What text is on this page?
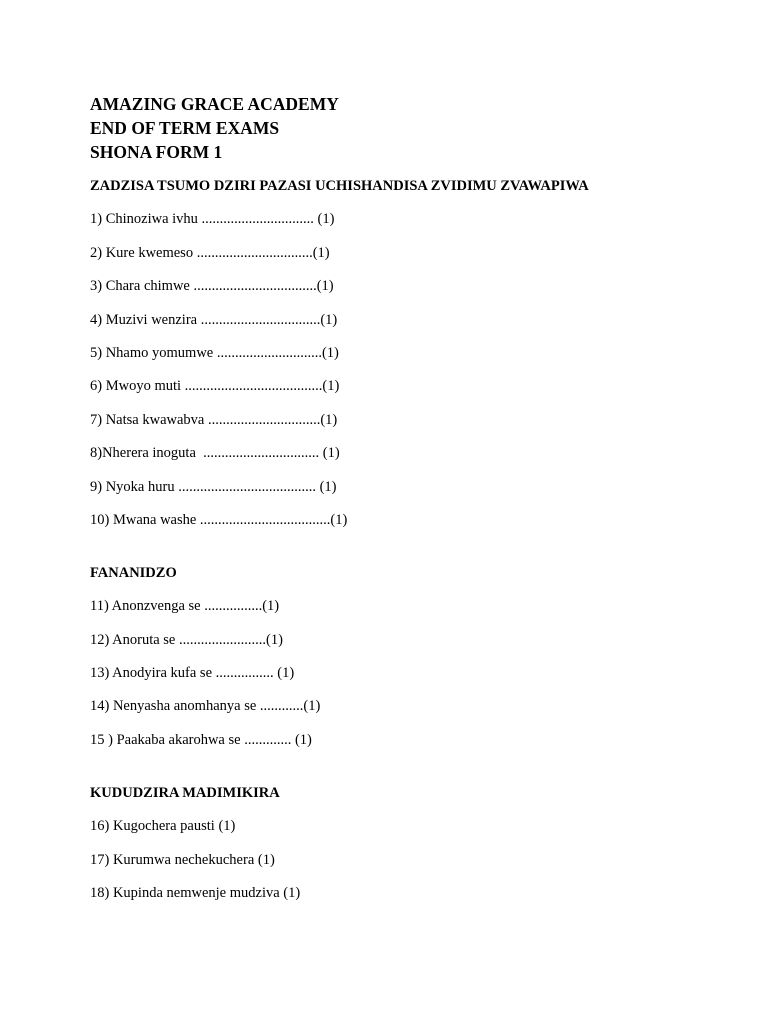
AMAZING GRACE ACADEMY
END OF TERM EXAMS
SHONA FORM 1
ZADZISA TSUMO DZIRI PAZASI UCHISHANDISA ZVIDIMU ZVAWAPIWA
1) Chinoziwa ivhu ............................... (1)
2) Kure kwemeso ................................(1)
3) Chara chimwe ..................................(1)
4) Muzivi wenzira .................................(1)
5) Nhamo yomumwe .............................(1)
6) Mwoyo muti ......................................(1)
7) Natsa kwawabva ...............................(1)
8)Nherera inoguta  ................................ (1)
9) Nyoka huru ...................................... (1)
10) Mwana washe ....................................(1)
FANANIDZO
11) Anonzvenga se ................(1)
12) Anoruta se ........................(1)
13) Anodyira kufa se ................ (1)
14) Nenyasha anomhanya se ............(1)
15 ) Paakaba akarohwa se ............. (1)
KUDUDZIRA MADIMIKIRA
16) Kugochera pausti (1)
17) Kurumwa nechekuchera (1)
18) Kupinda nemwenje mudziva (1)
